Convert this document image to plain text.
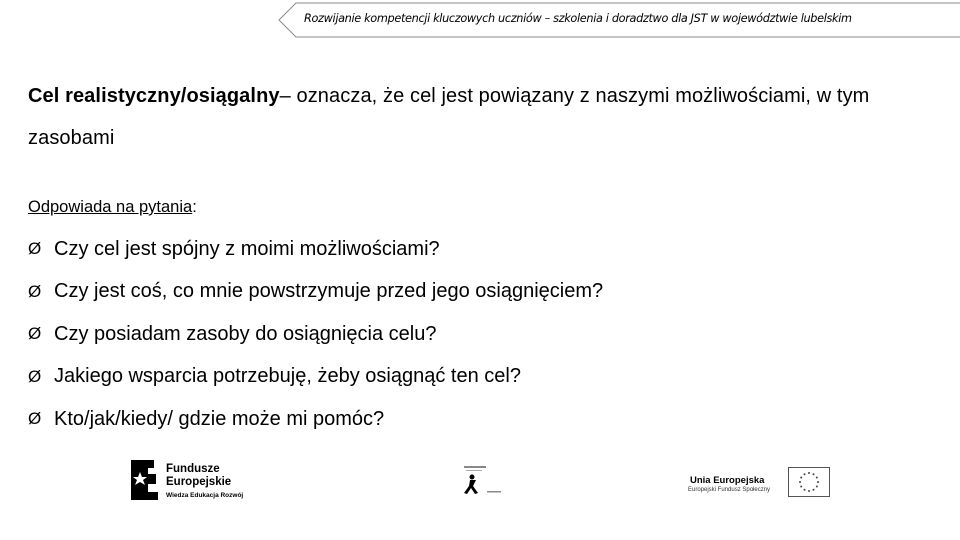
Rozwijanie kompetencji kluczowych uczniów – szkolenia i doradztwo dla JST w województwie lubelskim
Cel realistyczny/osiągalny– oznacza, że cel jest powiązany z naszymi możliwościami, w tym zasobami
Odpowiada na pytania:
Ø Czy cel jest spójny z moimi możliwościami?
Ø Czy jest coś, co mnie powstrzymuje przed jego osiągnięciem?
Ø Czy posiadam zasoby do osiągnięcia celu?
Ø Jakiego wsparcia potrzebuję, żeby osiągnąć ten cel?
Ø Kto/jak/kiedy/ gdzie może mi pomóc?
Fundusze
Europejskie
Wiedza Edukacja Rozwój
Unia Europejska
Europejski Fundusz Społeczny
